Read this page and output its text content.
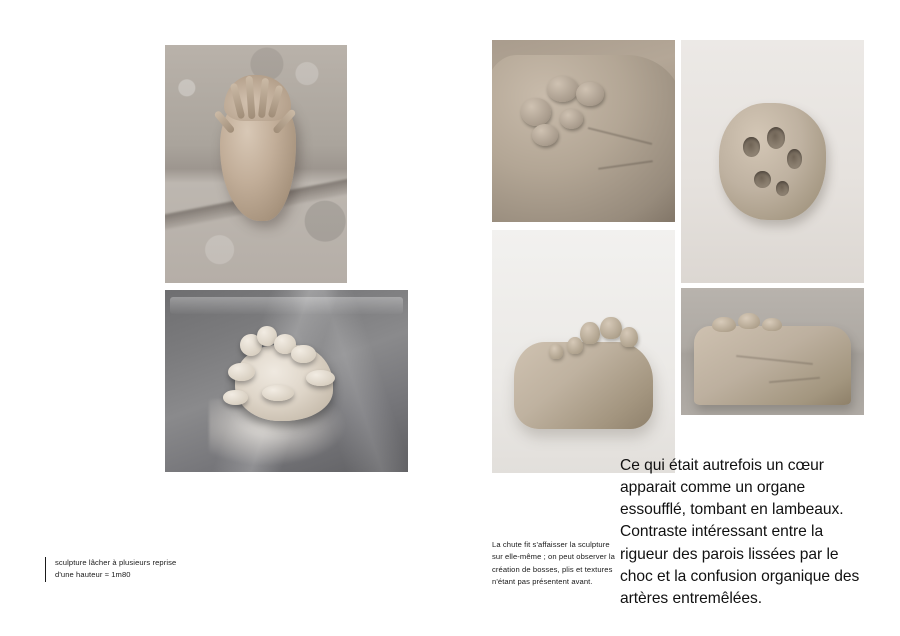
sculpture lâcher à plusieurs reprise d'une hauteur ≈ 1m80
La chute fit s'affaisser la sculpture sur elle-même ; on peut observer la création de bosses, plis et textures n'étant pas présentent avant.
Ce qui était autrefois un cœur apparait comme un organe essoufflé, tombant en lambeaux. Contraste intéressant entre la rigueur des parois lissées par le choc et la confusion organique des artères entremêlées.
